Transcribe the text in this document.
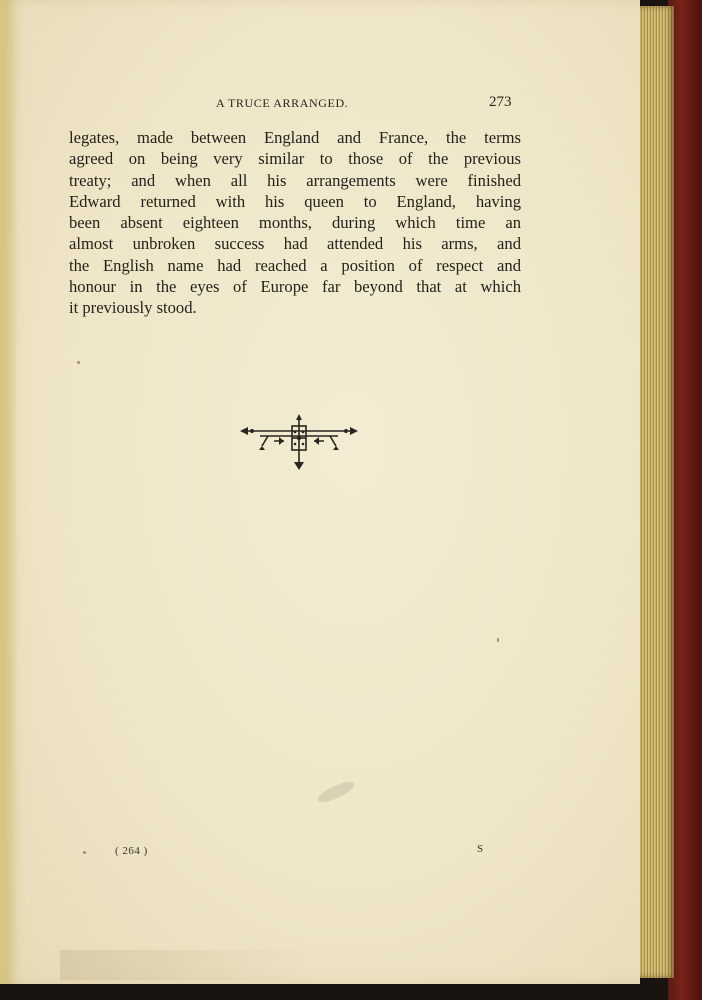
A TRUCE ARRANGED.	273
legates, made between England and France, the terms
agreed on being very similar to those of the previous
treaty; and when all his arrangements were finished
Edward returned with his queen to England, having
been absent eighteen months, during which time an
almost unbroken success had attended his arms, and
the English name had reached a position of respect and
honour in the eyes of Europe far beyond that at which
it previously stood.
( 264 )	S
